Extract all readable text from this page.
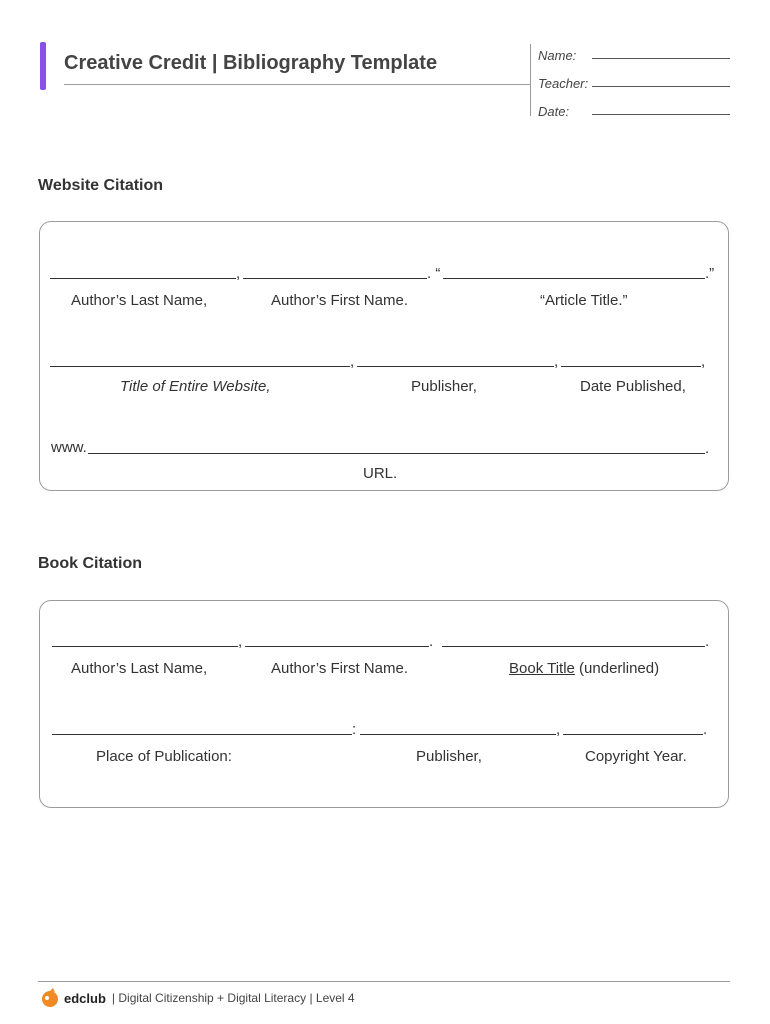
Creative Credit | Bibliography Template	Name:
Teacher:
Date:
Website Citation
,	. “	.”
Author’s Last Name,	Author’s First Name.	“Article Title.”
,	,	,
Title of Entire Website,	Publisher,	Date Published,
www.	.
URL.
Book Citation
,	.	.
Author’s Last Name,	Author’s First Name.	Book Title (underlined)
:	,	.
Place of Publication:	Publisher,	Copyright Year.
edclub | Digital Citizenship + Digital Literacy | Level 4
